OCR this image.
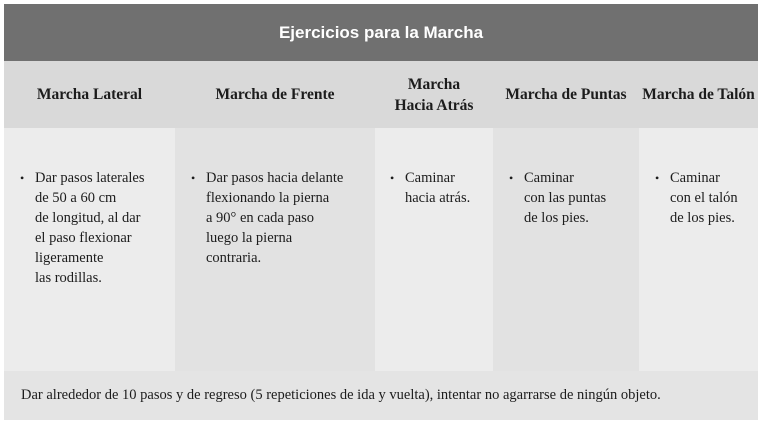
Ejercicios para la Marcha
Marcha Lateral	Marcha de Frente
Marcha Hacia Atrás
Marcha de Puntas	Marcha de Talón
• Dar pasos laterales
de 50 a 60 cm
de longitud, al dar
el paso flexionar
ligeramente
las rodillas.
• Dar pasos hacia delante
flexionando la pierna
a 90° en cada paso
luego la pierna
contraria.
• Caminar
hacia atrás.
• Caminar
con las puntas
de los pies.
• Caminar
con el talón
de los pies.
Dar alrededor de 10 pasos y de regreso (5 repeticiones de ida y vuelta), intentar no agarrarse de ningún objeto.
